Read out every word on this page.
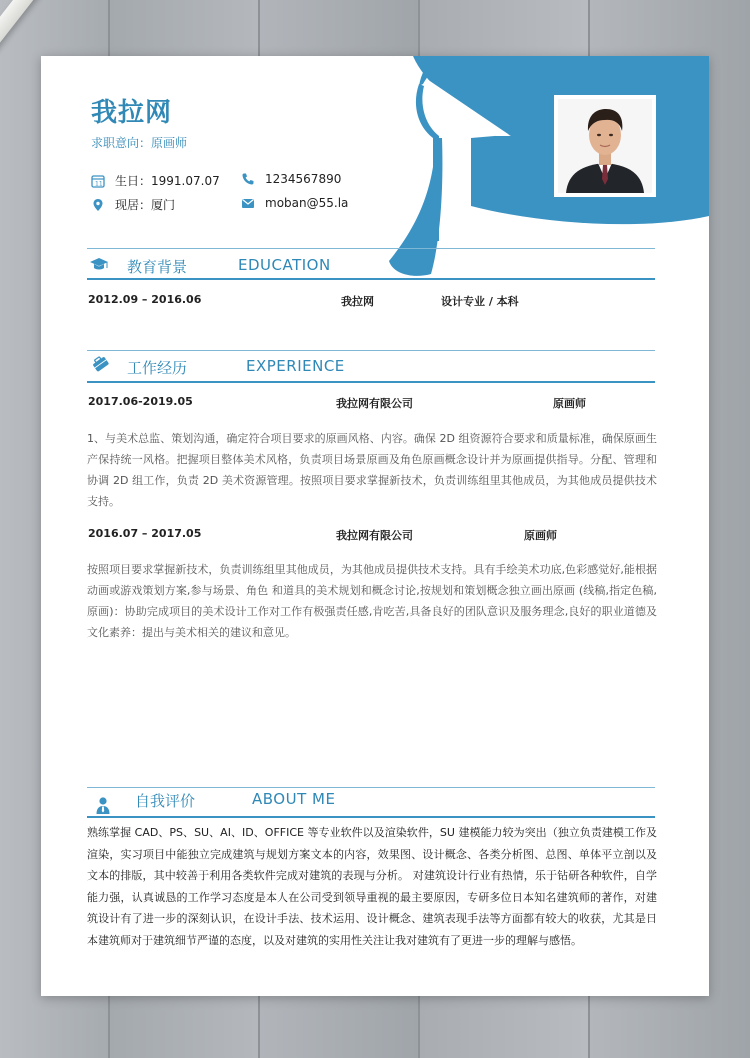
我拉网
求职意向：原画师
11 生日：1991.07.07
现居：厦门
1234567890
moban@55.la
教育背景	EDUCATION
2012.09 – 2016.06	我拉网	设计专业 / 本科
工作经历	EXPERIENCE
2017.06-2019.05	我拉网有限公司	原画师
1、与美术总监、策划沟通，确定符合项目要求的原画风格、内容。确保 2D 组资源符合要求和质量标准，确保原画生产保持统一风格。把握项目整体美术风格，负责项目场景原画及角色原画概念设计并为原画提供指导。分配、管理和协调 2D 组工作，负责 2D 美术资源管理。按照项目要求掌握新技术，负责训练组里其他成员，为其他成员提供技术支持。
2016.07 – 2017.05	我拉网有限公司	原画师
按照项目要求掌握新技术，负责训练组里其他成员，为其他成员提供技术支持。具有手绘美术功底,色彩感觉好,能根据动画或游戏策划方案,参与场景、角色 和道具的美术规划和概念讨论,按规划和策划概念独立画出原画 (线稿,指定色稿, 原画)：协助完成项目的美术设计工作对工作有极强责任感,肯吃苦,具备良好的团队意识及服务理念,良好的职业道德及文化素养：提出与美术相关的建议和意见。
自我评价	ABOUT ME
熟练掌握 CAD、PS、SU、AI、ID、OFFICE 等专业软件以及渲染软件，SU 建模能力较为突出（独立负责建模工作及渲染，实习项目中能独立完成建筑与规划方案文本的内容，效果图、设计概念、各类分析图、总图、单体平立剖以及文本的排版，其中较善于利用各类软件完成对建筑的表现与分析。 对建筑设计行业有热情，乐于钻研各种软件，自学能力强，认真诚恳的工作学习态度是本人在公司受到领导重视的最主要原因，专研多位日本知名建筑师的著作，对建筑设计有了进一步的深刻认识，在设计手法、技术运用、设计概念、建筑表现手法等方面都有较大的收获，尤其是日本建筑师对于建筑细节严谨的态度，以及对建筑的实用性关注让我对建筑有了更进一步的理解与感悟。
